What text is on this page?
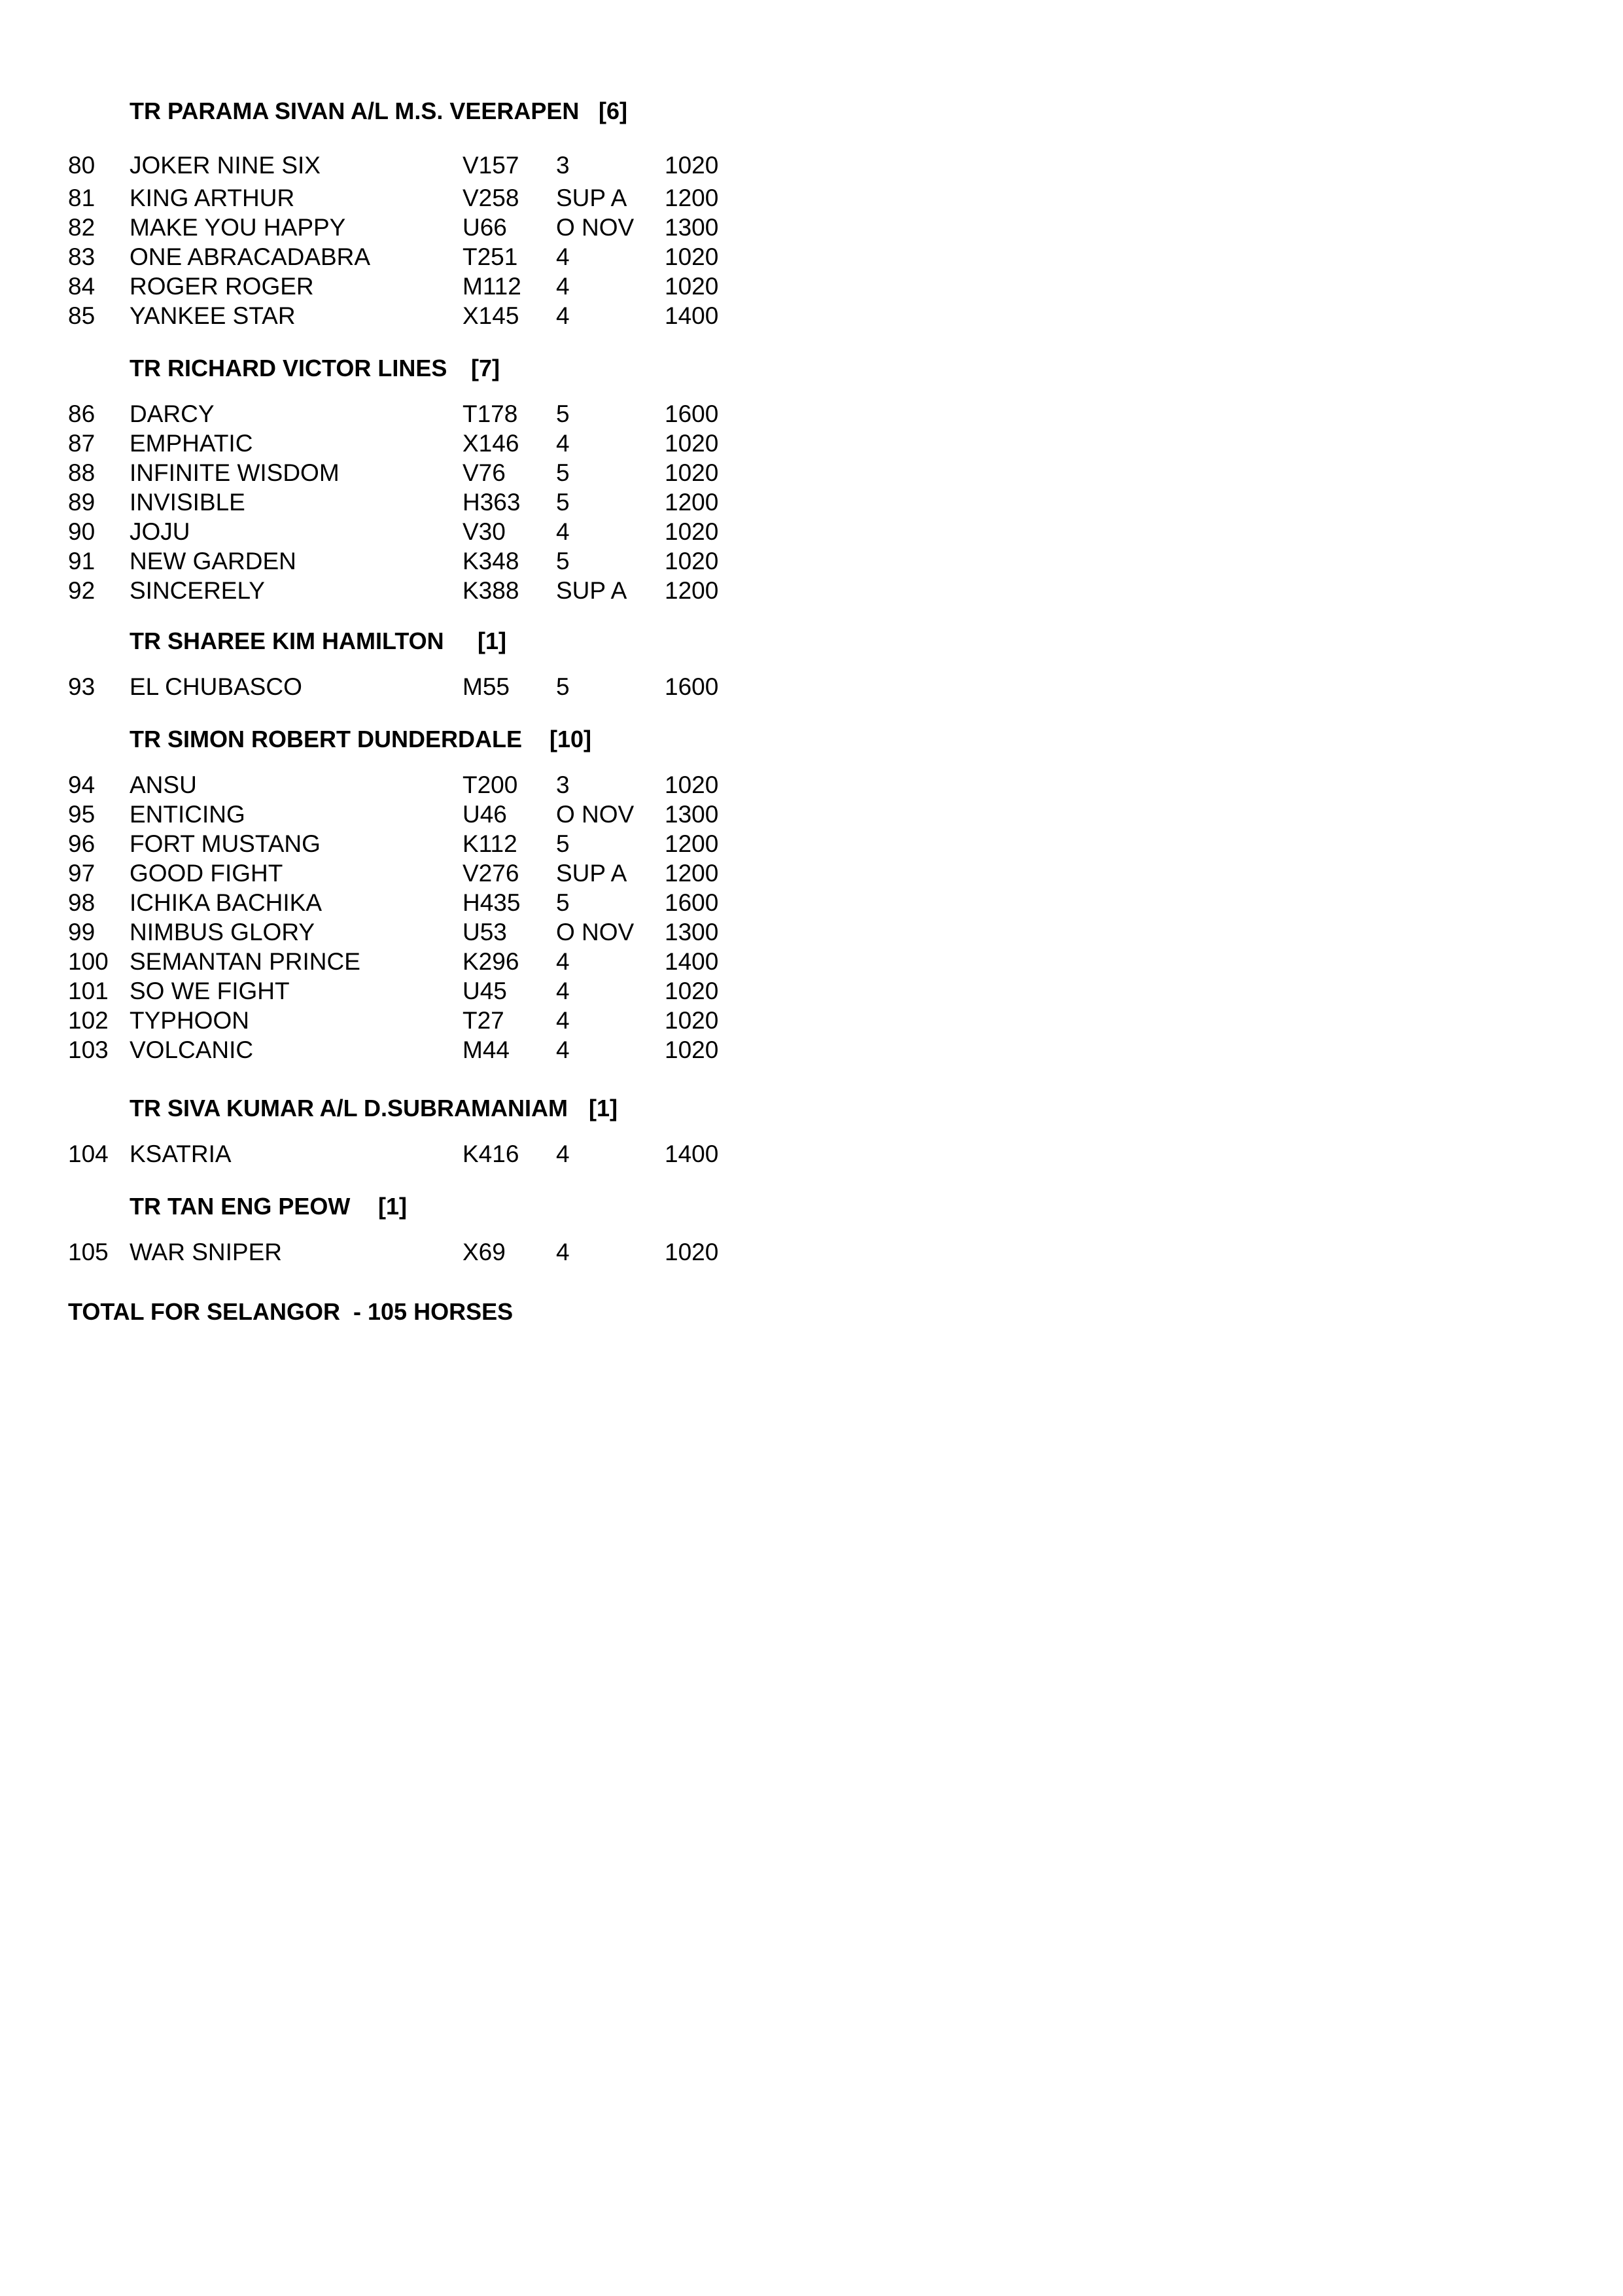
TR PARAMA SIVAN A/L M.S. VEERAPEN [6]
80 JOKER NINE SIX	V157 3	1020
81 KING ARTHUR	V258 SUP A 1200
82 MAKE YOU HAPPY	U66 O NOV 1300
83 ONE ABRACADABRA	T251 4	1020
84 ROGER ROGER	M112 4	1020
85 YANKEE STAR	X145 4	1400
TR RICHARD VICTOR LINES [7]
86 DARCY	T178 5	1600
87 EMPHATIC	X146 4	1020
88 INFINITE WISDOM	V76 5	1020
89 INVISIBLE	H363 5	1200
90 JOJU	V30 4	1020
91 NEW GARDEN	K348 5	1020
92 SINCERELY	K388 SUP A 1200
TR SHAREE KIM HAMILTON [1]
93 EL CHUBASCO	M55 5	1600
TR SIMON ROBERT DUNDERDALE [10]
94 ANSU	T200 3	1020
95 ENTICING	U46 O NOV 1300
96 FORT MUSTANG	K112 5	1200
97 GOOD FIGHT	V276 SUP A 1200
98 ICHIKA BACHIKA	H435 5	1600
99 NIMBUS GLORY	U53 O NOV 1300
100 SEMANTAN PRINCE	K296 4	1400
101 SO WE FIGHT	U45 4	1020
102 TYPHOON	T27 4	1020
103 VOLCANIC	M44 4	1020
TR SIVA KUMAR A/L D.SUBRAMANIAM [1]
104 KSATRIA	K416 4	1400
TR TAN ENG PEOW [1]
105 WAR SNIPER	X69 4	1020
TOTAL FOR SELANGOR  - 105 HORSES
